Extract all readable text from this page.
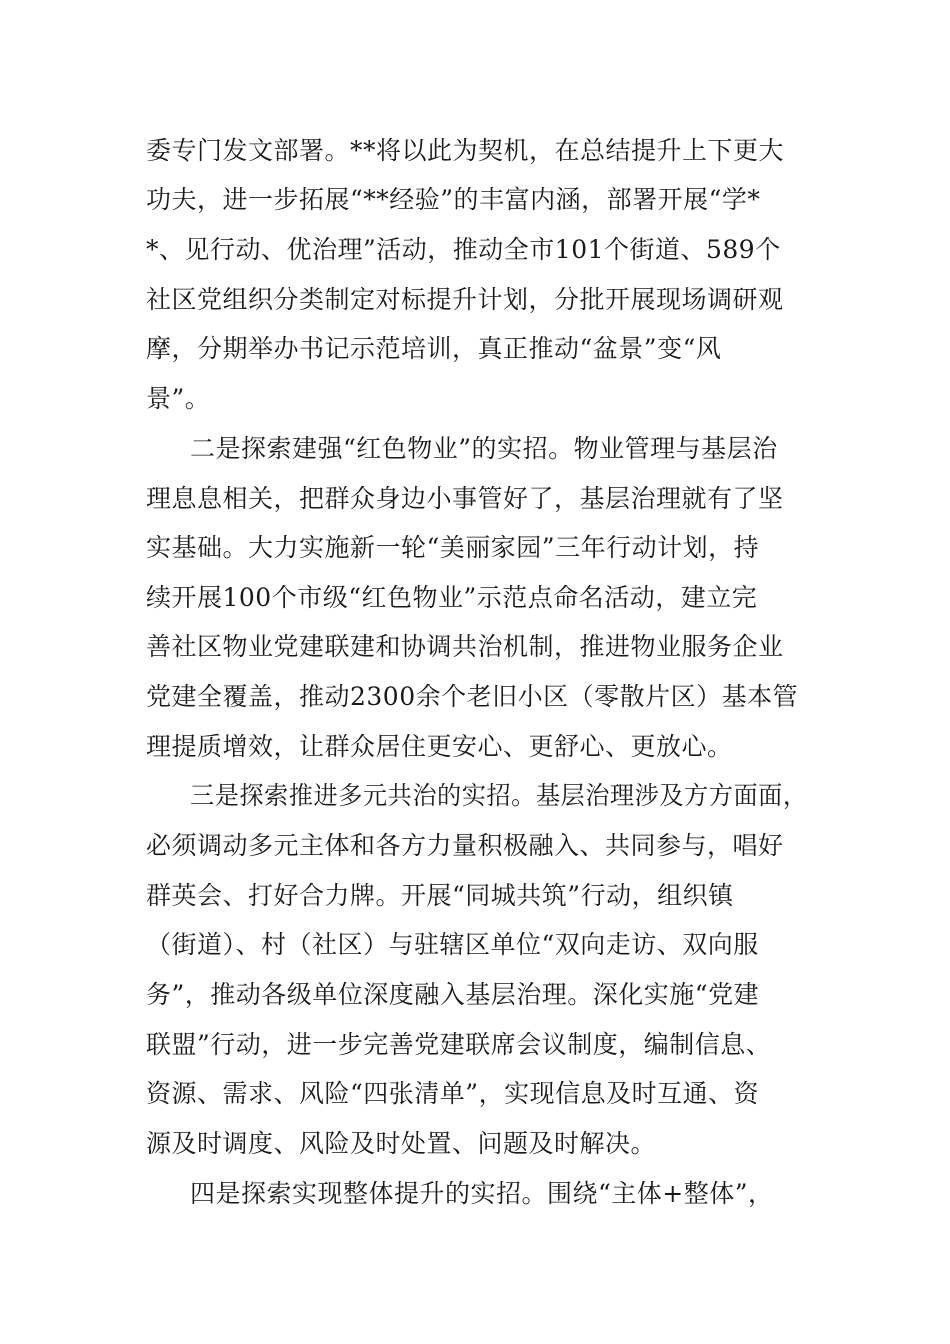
委专门发文部署。**将以此为契机，在总结提升上下更大
功夫，进一步拓展“**经验”的丰富内涵，部署开展“学*
*、见行动、优治理”活动，推动全市101个街道、589个
社区党组织分类制定对标提升计划，分批开展现场调研观
摩，分期举办书记示范培训，真正推动“盆景”变“风
景”。
二是探索建强“红色物业”的实招。物业管理与基层治
理息息相关，把群众身边小事管好了，基层治理就有了坚
实基础。大力实施新一轮“美丽家园”三年行动计划，持
续开展100个市级“红色物业”示范点命名活动，建立完
善社区物业党建联建和协调共治机制，推进物业服务企业
党建全覆盖，推动2300余个老旧小区（零散片区）基本管
理提质增效，让群众居住更安心、更舒心、更放心。
三是探索推进多元共治的实招。基层治理涉及方方面面，
必须调动多元主体和各方力量积极融入、共同参与，唱好
群英会、打好合力牌。开展“同城共筑”行动，组织镇
（街道）、村（社区）与驻辖区单位“双向走访、双向服
务”，推动各级单位深度融入基层治理。深化实施“党建
联盟”行动，进一步完善党建联席会议制度，编制信息、
资源、需求、风险“四张清单”，实现信息及时互通、资
源及时调度、风险及时处置、问题及时解决。
四是探索实现整体提升的实招。围绕“主体+整体”，
